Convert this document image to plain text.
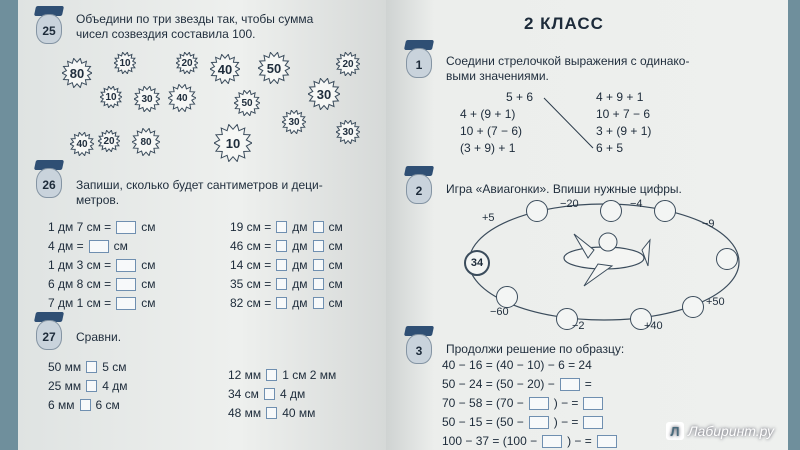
25
Объедини по три звезды так, чтобы сумма
чисел созвездия составила 100.
26	Запиши, сколько будет сантиметров и деци-
метров.
27	Сравни.
80
10	20 40	50	20
10 30 40	50
30
20	80	10
30
30
40
1 дм 7 см =	см
4 дм =	см
1 дм 3 см =	см
6 дм 8 см =	см
7 дм 1 см =	см
19 см = дм см
46 см = дм см
14 см = дм см
35 см = дм см
82 см = дм см
50 мм 5 см
25 мм 4 дм
6 мм 6 см
12 мм 1 см 2 мм
34 см 4 дм
48 мм 40 мм
2 КЛАСС
1	Соедини стрелочкой выражения с одинако-
выми значениями.
2	Игра «Авиагонки». Впиши нужные цифры.
3	Продолжи решение по образцу:
Л Лабиринт.ру
5 + 6
4 + (9 + 1)
10 + (7 − 6)
(3 + 9) + 1
4 + 9 + 1
10 + 7 − 6
3 + (9 + 1)
6 + 5
34
+5
−20	−4
−9
+50
+40
−2
−60
40 − 16 = (40 − 10) − 6 = 24
50 − 24 = (50 − 20) −	=
70 − 58 = (70 −	) − =
50 − 15 = (50 −	) − =
100 − 37 = (100 −	) − =
